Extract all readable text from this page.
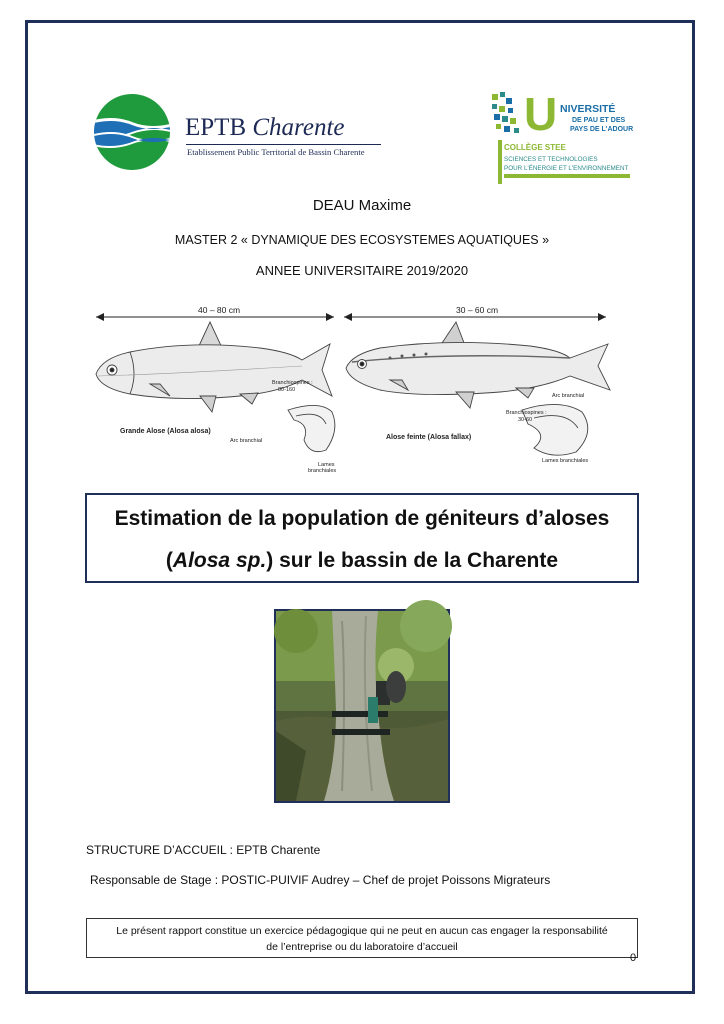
EPTB Charente
Etablissement Public Territorial de Bassin Charente
U NIVERSITÉ
DE PAU ET DES
PAYS DE L'ADOUR
COLLÈGE STEE
SCIENCES ET TECHNOLOGIES
POUR L'ÉNERGIE ET L'ENVIRONNEMENT
DEAU Maxime
MASTER 2 « DYNAMIQUE DES ECOSYSTEMES AQUATIQUES »
ANNEE UNIVERSITAIRE 2019/2020
40 – 80 cm	30 – 60 cm
Branchiospines :
80-160
Grande Alose (Alosa alosa)
Arc branchial
Lames
branchiales
Branchiospines :
30-60
Arc branchial
Alose feinte (Alosa fallax)
Lames branchiales
Estimation de la population de géniteurs d’aloses
(Alosa sp.) sur le bassin de la Charente
STRUCTURE D’ACCUEIL : EPTB Charente
Responsable de Stage : POSTIC-PUIVIF Audrey – Chef de projet Poissons Migrateurs
Le présent rapport constitue un exercice pédagogique qui ne peut en aucun cas engager la responsabilité
de l’entreprise ou du laboratoire d’accueil
0
